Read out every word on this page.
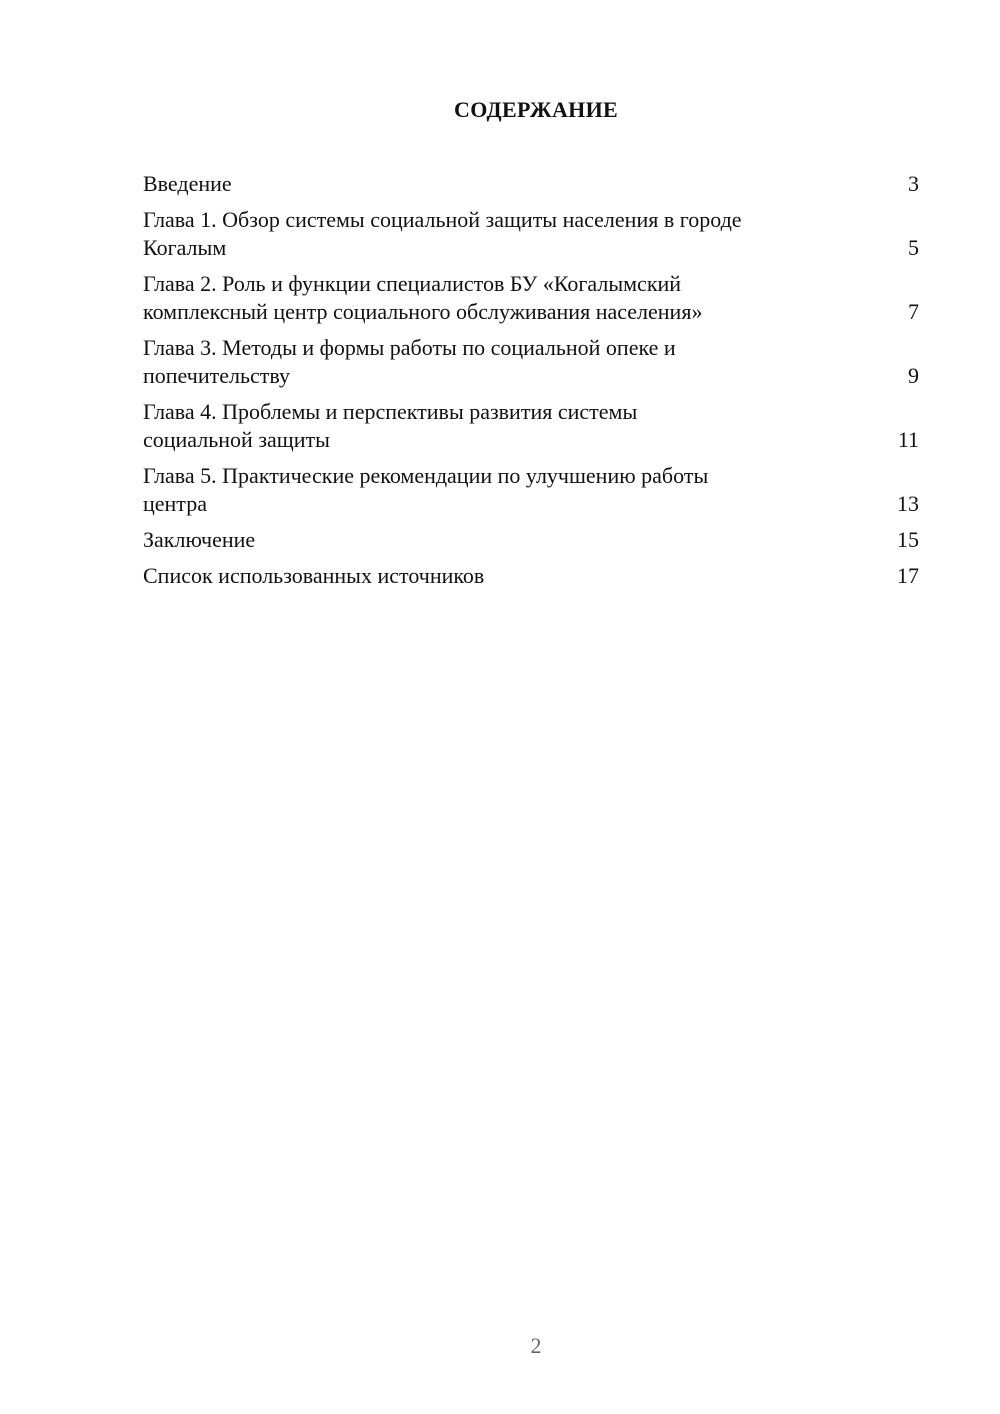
СОДЕРЖАНИЕ
Введение	3
Глава 1. Обзор системы социальной защиты населения в городе
Когалым	5
Глава 2. Роль и функции специалистов БУ «Когалымский
комплексный центр социального обслуживания населения»	7
Глава 3. Методы и формы работы по социальной опеке и
попечительству	9
Глава 4. Проблемы и перспективы развития системы
социальной защиты	11
Глава 5. Практические рекомендации по улучшению работы
центра	13
Заключение	15
Список использованных источников	17
2
